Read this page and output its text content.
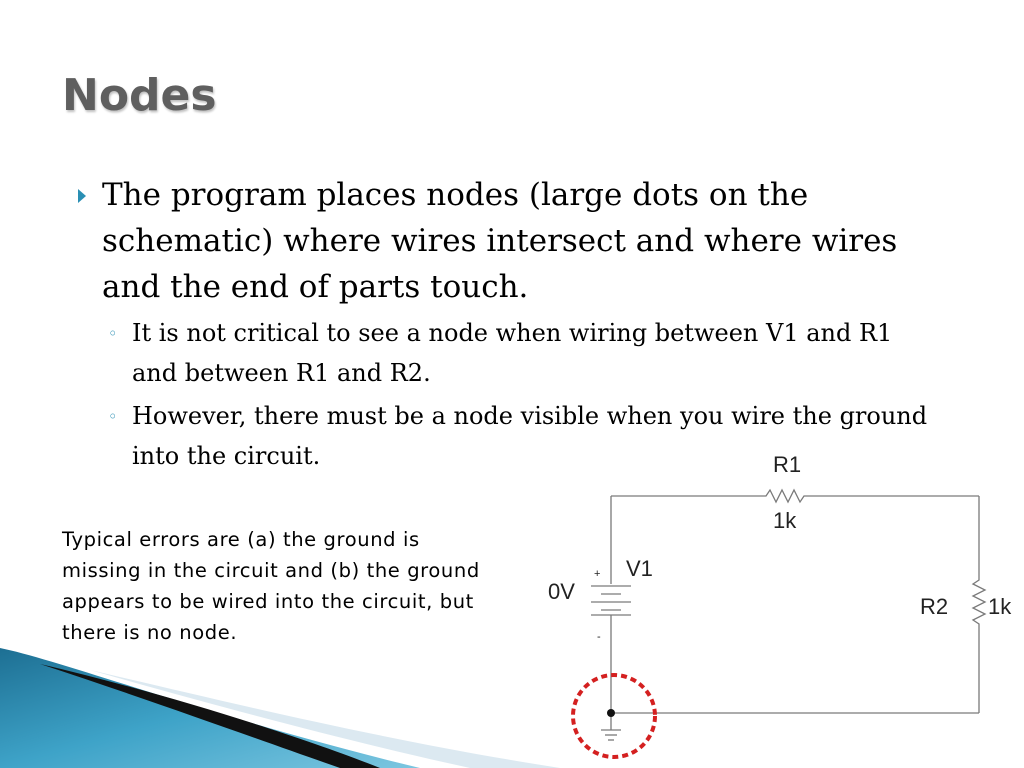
Nodes
The program places nodes (large dots on the schematic) where wires intersect and where wires and the end of parts touch.
◦ It is not critical to see a node when wiring between V1 and R1 and between R1 and R2.
◦ However, there must be a node visible when you wire the ground into the circuit.
Typical errors are (a) the ground is missing in the circuit and (b) the ground appears to be wired into the circuit, but there is no node.
R1
1k
R2 1k
V1
0V
+
-
